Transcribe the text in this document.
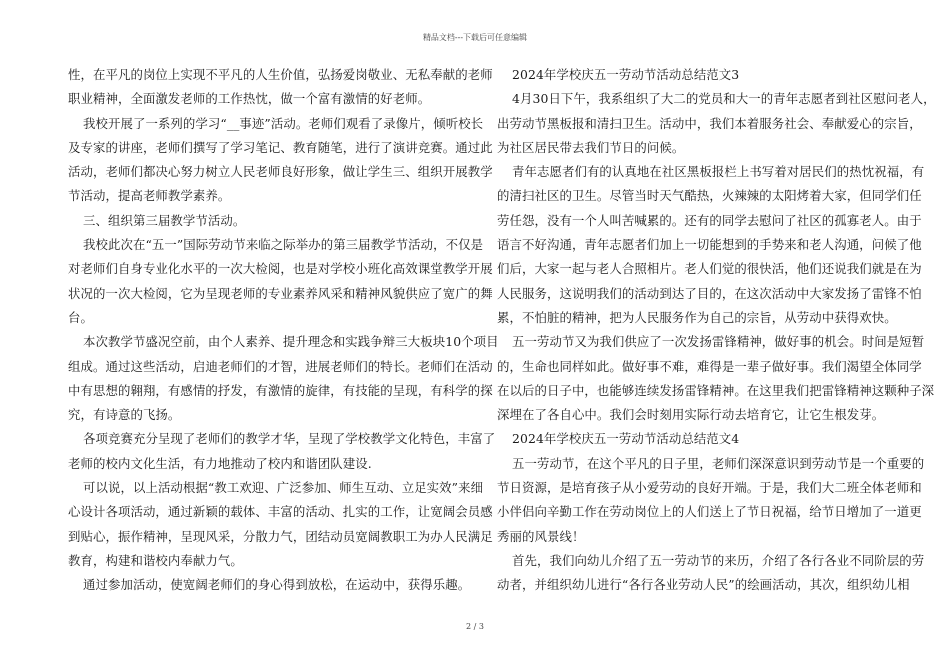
精品文档---下载后可任意编辑
性，在平凡的岗位上实现不平凡的人生价值，弘扬爱岗敬业、无私奉献的老师
职业精神，全面激发老师的工作热忱，做一个富有激情的好老师。
我校开展了一系列的学习“__事迹”活动。老师们观看了录像片，倾听校长
及专家的讲座，老师们撰写了学习笔记、教育随笔，进行了演讲竞赛。通过此
活动，老师们都决心努力树立人民老师良好形象，做让学生三、组织开展教学
节活动，提高老师教学素养。
三、组织第三届教学节活动。
我校此次在“五一”国际劳动节来临之际举办的第三届教学节活动，不仅是
对老师们自身专业化水平的一次大检阅，也是对学校小班化高效课堂教学开展
状况的一次大检阅，它为呈现老师的专业素养风采和精神风貌供应了宽广的舞
台。
本次教学节盛况空前，由个人素养、提升理念和实践争辩三大板块10个项目
组成。通过这些活动，启迪老师们的才智，进展老师们的特长。老师们在活动
中有思想的翱翔，有感情的抒发，有激情的旋律，有技能的呈现，有科学的探
究，有诗意的飞扬。
各项竞赛充分呈现了老师们的教学才华，呈现了学校教学文化特色，丰富了
老师的校内文化生活，有力地推动了校内和谐团队建设.
可以说，以上活动根据“教工欢迎、广泛参加、师生互动、立足实效”来细
心设计各项活动，通过新颖的载体、丰富的活动、扎实的工作，让宽阔会员感
到贴心，振作精神，呈现风采，分散力气，团结动员宽阔教职工为办人民满足
教育，构建和谐校内奉献力气。
通过参加活动，使宽阔老师们的身心得到放松，在运动中，获得乐趣。
2024年学校庆五一劳动节活动总结范文3
4月30日下午，我系组织了大二的党员和大一的青年志愿者到社区慰问老人，
出劳动节黑板报和清扫卫生。活动中，我们本着服务社会、奉献爱心的宗旨，
为社区居民带去我们节日的问候。
青年志愿者们有的认真地在社区黑板报栏上书写着对居民们的热忱祝福，有
的清扫社区的卫生。尽管当时天气酷热，火辣辣的太阳烤着大家，但同学们任
劳任怨，没有一个人叫苦喊累的。还有的同学去慰问了社区的孤寡老人。由于
语言不好沟通，青年志愿者们加上一切能想到的手势来和老人沟通，问候了他
们后，大家一起与老人合照相片。老人们觉的很快活，他们还说我们就是在为
人民服务，这说明我们的活动到达了目的，在这次活动中大家发扬了雷锋不怕
累，不怕脏的精神，把为人民服务作为自己的宗旨，从劳动中获得欢快。
五一劳动节又为我们供应了一次发扬雷锋精神，做好事的机会。时间是短暂
的，生命也同样如此。做好事不难，难得是一辈子做好事。我们渴望全体同学
在以后的日子中，也能够连续发扬雷锋精神。在这里我们把雷锋精神这颗种子深
深埋在了各自心中。我们会时刻用实际行动去培育它，让它生根发芽。
2024年学校庆五一劳动节活动总结范文4
五一劳动节，在这个平凡的日子里，老师们深深意识到劳动节是一个重要的
节日资源，是培育孩子从小爱劳动的良好开端。于是，我们大二班全体老师和
小伴侣向辛勤工作在劳动岗位上的人们送上了节日祝福，给节日增加了一道更
秀丽的风景线！
首先，我们向幼儿介绍了五一劳动节的来历，介绍了各行各业不同阶层的劳
动者，并组织幼儿进行“各行各业劳动人民”的绘画活动，其次，组织幼儿相
2 / 3
